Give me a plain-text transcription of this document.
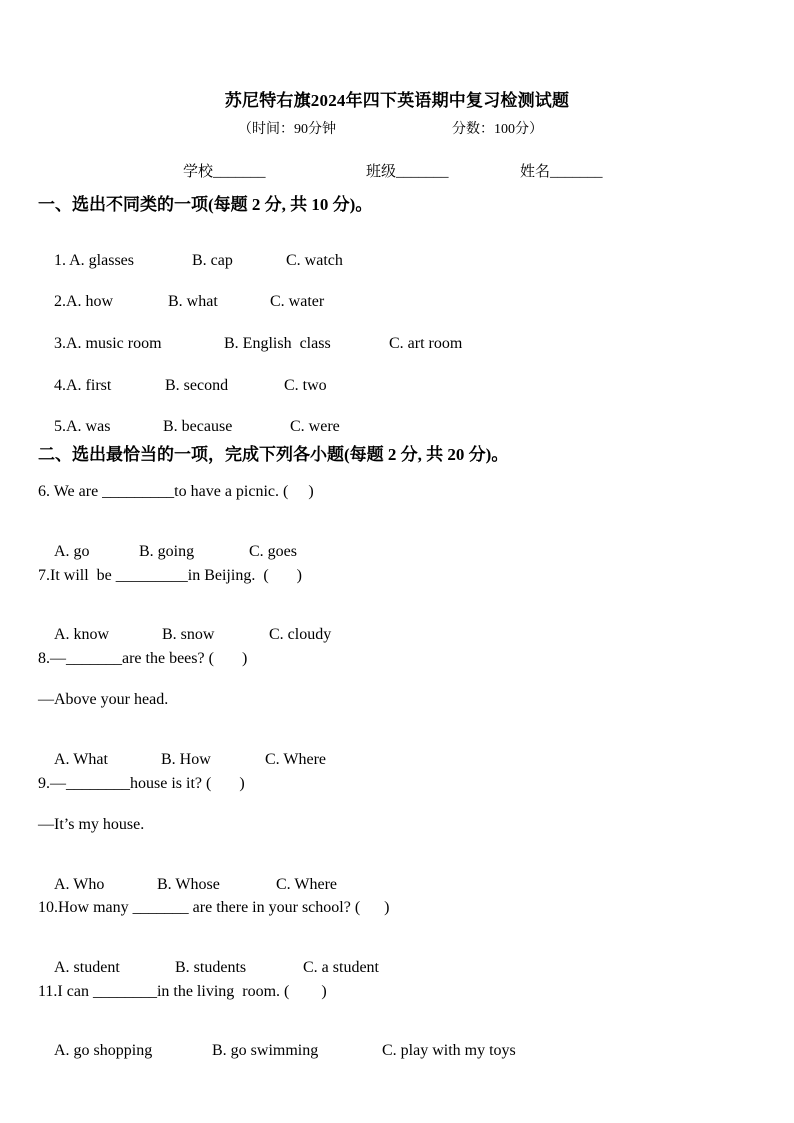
苏尼特右旗2024年四下英语期中复习检测试题
（时间：90分钟	分数：100分）
学校_______	班级_______	姓名_______
一、选出不同类的一项(每题 2 分, 共 10 分)。

1. A. glasses	B. cap	C. watch

2.A. how	B. what	C. water

3.A. music room	B. English  class	C. art room

4.A. first	B. second	C. two

5.A. was	B. because	C. were

二、选出最恰当的一项，完成下列各小题(每题 2 分, 共 20 分)。
6. We are _________to have a picnic. (     )

A. go	B. going	C. goes

7.It will  be _________in Beijing.  (       )

A. know	B. snow	C. cloudy

8.—_______are the bees? (       )
—Above your head.

A. What	B. How	C. Where

9.—________house is it? (       )
—It’s my house.

A. Who	B. Whose	C. Where

10.How many _______ are there in your school? (      )

A. student	B. students	C. a student

11.I can ________in the living  room. (        )

A. go shopping	B. go swimming	C. play with my toys
